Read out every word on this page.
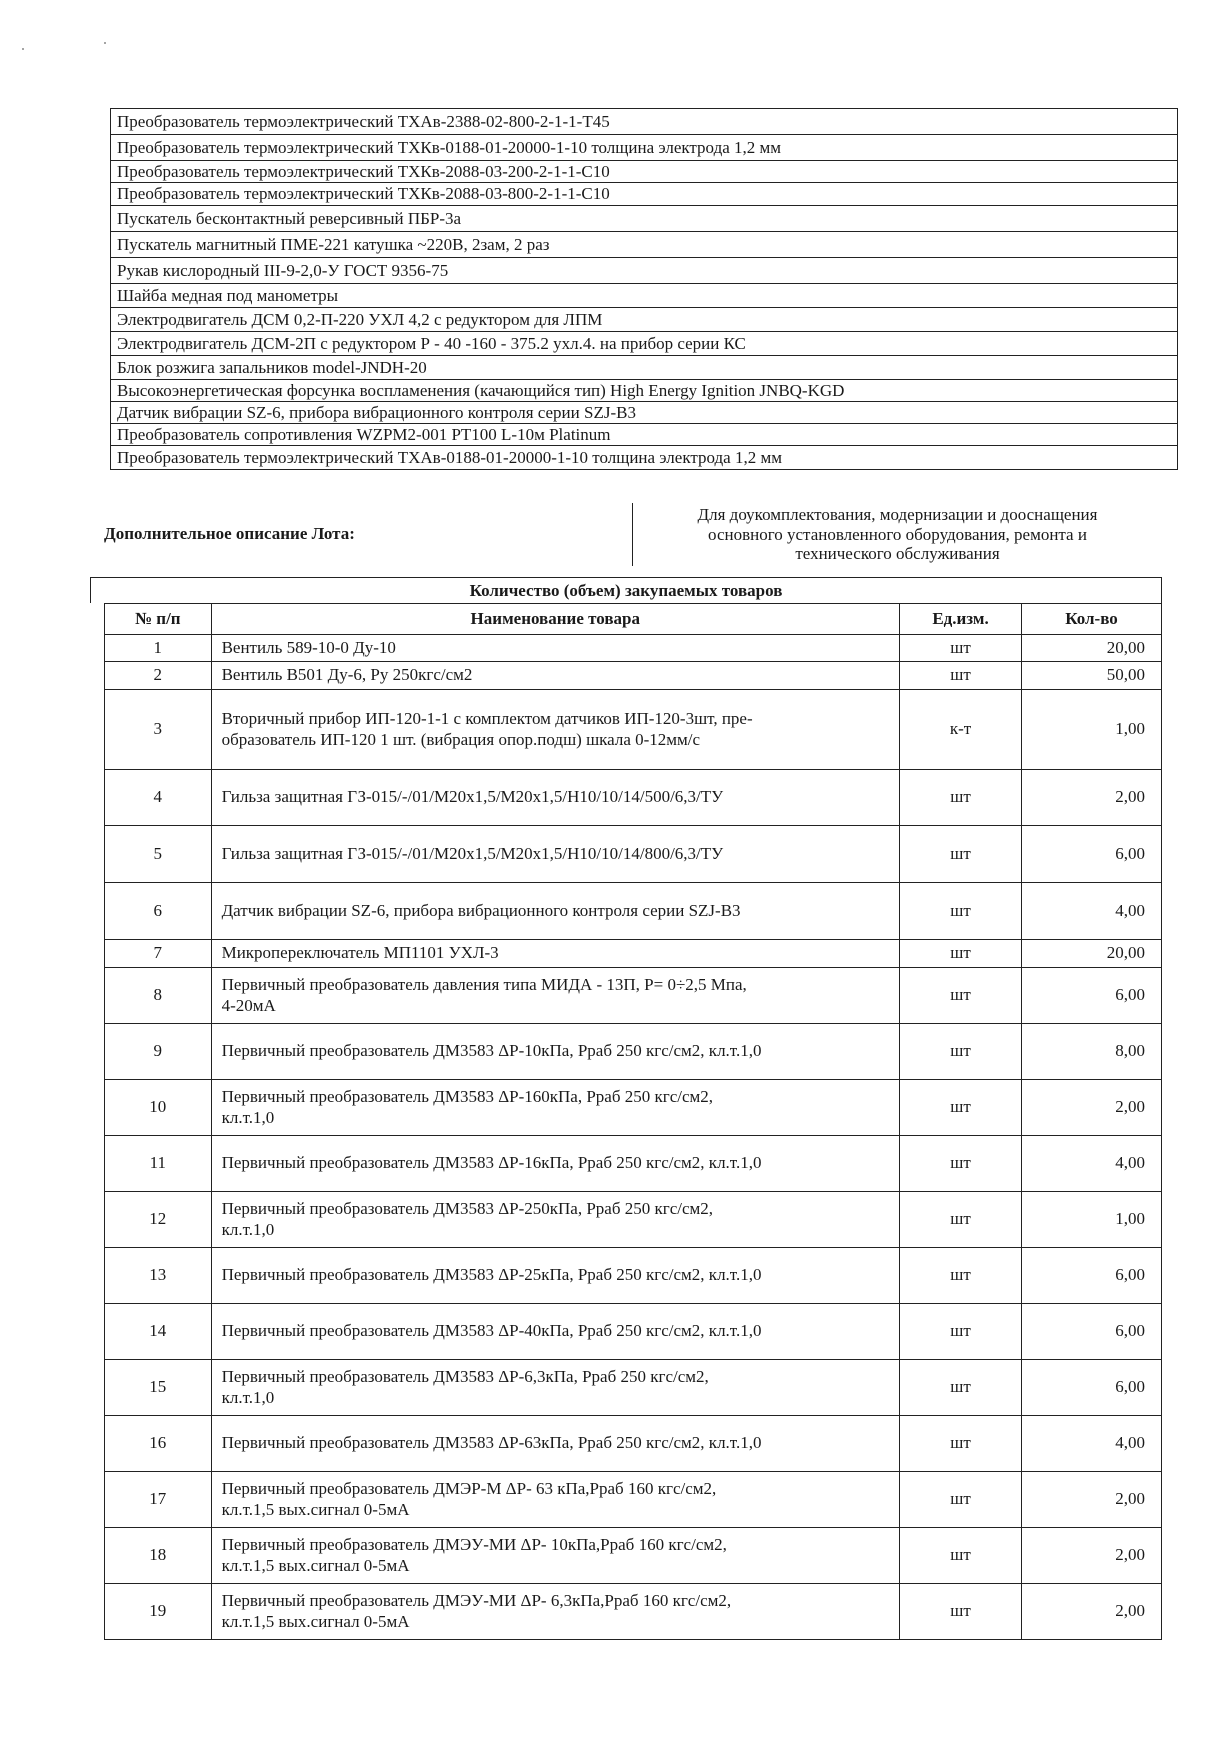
Преобразователь термоэлектрический ТХАв-2388-02-800-2-1-1-Т45
Преобразователь термоэлектрический ТХКв-0188-01-20000-1-10 толщина электрода 1,2 мм
Преобразователь термоэлектрический ТХКв-2088-03-200-2-1-1-С10
Преобразователь термоэлектрический ТХКв-2088-03-800-2-1-1-С10
Пускатель бесконтактный реверсивный ПБР-3а
Пускатель магнитный ПМЕ-221 катушка ~220В, 2зам, 2 раз
Рукав кислородный III-9-2,0-У ГОСТ 9356-75
Шайба медная под манометры
Электродвигатель ДСМ 0,2-П-220 УХЛ 4,2 с редуктором для ЛПМ
Электродвигатель ДСМ-2П с редуктором Р - 40 -160 - 375.2 ухл.4. на прибор серии КС
Блок розжига запальников model-JNDH-20
Высокоэнергетическая форсунка воспламенения (качающийся тип) High Energy Ignition JNBQ-KGD
Датчик вибрации SZ-6, прибора вибрационного контроля серии SZJ-B3
Преобразователь сопротивления WZPM2-001 PT100 L-10м Platinum
Преобразователь термоэлектрический ТХАв-0188-01-20000-1-10 толщина электрода 1,2 мм
Дополнительное описание Лота:	
Для доукомплектования, модернизации и дооснащения
основного установленного оборудования, ремонта и
технического обслуживания
Количество (объем) закупаемых товаров
№ п/п	Наименование товара	Ед.изм.	Кол-во
1	Вентиль 589-10-0 Ду-10	шт	20,00
2	Вентиль В501 Ду-6, Ру 250кгс/см2	шт	50,00
3	Вторичный прибор ИП-120-1-1 с комплектом датчиков ИП-120-3шт, пре-
образователь ИП-120 1 шт. (вибрация опор.подш) шкала 0-12мм/с	к-т	1,00
4	Гильза защитная ГЗ-015/-/01/М20х1,5/М20х1,5/Н10/10/14/500/6,3/ТУ	шт	2,00
5	Гильза защитная ГЗ-015/-/01/М20х1,5/М20х1,5/Н10/10/14/800/6,3/ТУ	шт	6,00
6	Датчик вибрации SZ-6, прибора вибрационного контроля серии SZJ-B3	шт	4,00
7	Микропереключатель МП1101 УХЛ-3	шт	20,00
8	Первичный преобразователь давления типа МИДА - 13П, Р= 0÷2,5 Мпа,
4-20мА	шт	6,00
9	Первичный преобразователь ДМ3583 ΔР-10кПа, Рраб 250 кгс/см2, кл.т.1,0	шт	8,00
10	Первичный преобразователь ДМ3583 ΔР-160кПа, Рраб 250 кгс/см2,
кл.т.1,0	шт	2,00
11	Первичный преобразователь ДМ3583 ΔР-16кПа, Рраб 250 кгс/см2, кл.т.1,0	шт	4,00
12	Первичный преобразователь ДМ3583 ΔР-250кПа, Рраб 250 кгс/см2,
кл.т.1,0	шт	1,00
13	Первичный преобразователь ДМ3583 ΔР-25кПа, Рраб 250 кгс/см2, кл.т.1,0	шт	6,00
14	Первичный преобразователь ДМ3583 ΔР-40кПа, Рраб 250 кгс/см2, кл.т.1,0	шт	6,00
15	Первичный преобразователь ДМ3583 ΔР-6,3кПа, Рраб 250 кгс/см2,
кл.т.1,0	шт	6,00
16	Первичный преобразователь ДМ3583 ΔР-63кПа, Рраб 250 кгс/см2, кл.т.1,0	шт	4,00
17	Первичный преобразователь ДМЭР-М ΔР- 63 кПа,Рраб 160 кгс/см2,
кл.т.1,5 вых.сигнал 0-5мА	шт	2,00
18	Первичный преобразователь ДМЭУ-МИ ΔР- 10кПа,Рраб 160 кгс/см2,
кл.т.1,5 вых.сигнал 0-5мА	шт	2,00
19	Первичный преобразователь ДМЭУ-МИ ΔР- 6,3кПа,Рраб 160 кгс/см2,
кл.т.1,5 вых.сигнал 0-5мА	шт	2,00
